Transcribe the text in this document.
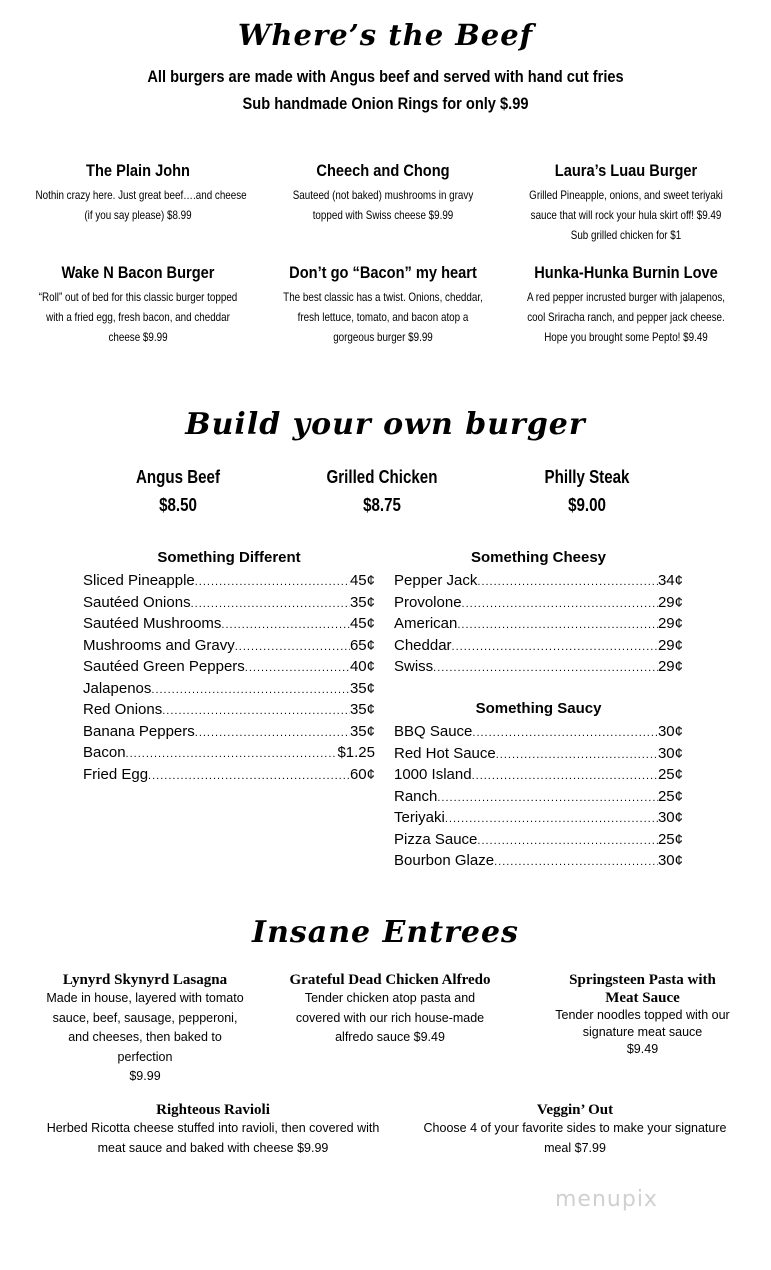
Where’s the Beef
All burgers are made with Angus beef and served with hand cut fries
Sub handmade Onion Rings for only $.99
The Plain John
Nothin crazy here. Just great beef….and cheese
(if you say please) $8.99
Cheech and Chong
Sauteed (not baked) mushrooms in gravy
topped with Swiss cheese $9.99
Laura’s Luau Burger
Grilled Pineapple, onions, and sweet teriyaki
sauce that will rock your hula skirt off! $9.49
Sub grilled chicken for $1
Wake N Bacon Burger
“Roll” out of bed for this classic burger topped
with a fried egg, fresh bacon, and cheddar
cheese $9.99
Don’t go “Bacon” my heart
The best classic has a twist. Onions, cheddar,
fresh lettuce, tomato, and bacon atop a
gorgeous burger $9.99
Hunka-Hunka Burnin Love
A red pepper incrusted burger with jalapenos,
cool Sriracha ranch, and pepper jack cheese.
Hope you brought some Pepto! $9.49
Build your own burger
Angus Beef
$8.50
Grilled Chicken
$8.75
Philly Steak
$9.00
Something Different
Sliced Pineapple .....	45¢
Sautéed Onions .....	35¢
Sautéed Mushrooms .....	45¢
Mushrooms and Gravy .....	65¢
Sautéed Green Peppers .....	40¢
Jalapenos .....	35¢
Red Onions .....	35¢
Banana Peppers .....	35¢
Bacon .....	$1.25
Fried Egg .....	60¢
Something Cheesy
Pepper Jack .....	34¢
Provolone .....	29¢
American .....	29¢
Cheddar .....	29¢
Swiss .....	29¢
Something Saucy
BBQ Sauce .....	30¢
Red Hot Sauce .....	30¢
1000 Island .....	25¢
Ranch .....	25¢
Teriyaki .....	30¢
Pizza Sauce .....	25¢
Bourbon Glaze .....	30¢
Insane Entrees
Lynyrd Skynyrd Lasagna
Made in house, layered with tomato
sauce, beef, sausage, pepperoni,
and cheeses, then baked to
perfection
$9.99
Grateful Dead Chicken Alfredo
Tender chicken atop pasta and
covered with our rich house-made
alfredo sauce $9.49
Springsteen Pasta with
Meat Sauce
Tender noodles topped with our
signature meat sauce
$9.49
Righteous Ravioli
Herbed Ricotta cheese stuffed into ravioli, then covered with
meat sauce and baked with cheese $9.99
Veggin’ Out
Choose 4 of your favorite sides to make your signature
meal $7.99
menupix
